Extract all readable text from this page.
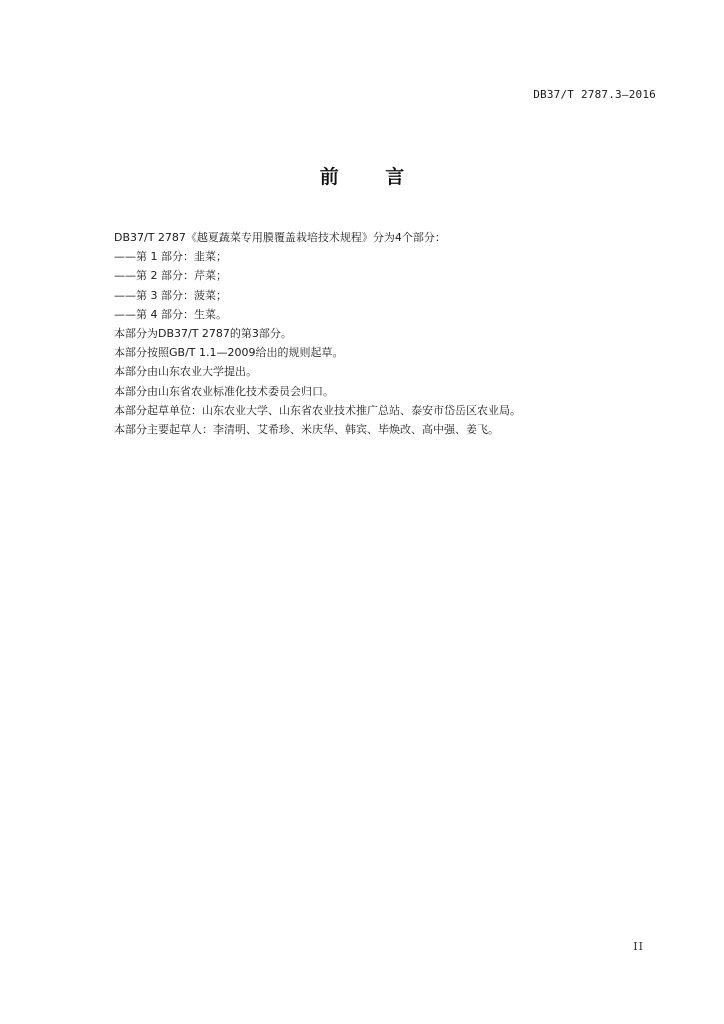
DB37/T 2787.3—2016
前 言
DB37/T 2787《越夏蔬菜专用膜覆盖栽培技术规程》分为4个部分：
——第 1 部分：韭菜；
——第 2 部分：芹菜；
——第 3 部分：菠菜；
——第 4 部分：生菜。
本部分为DB37/T 2787的第3部分。
本部分按照GB/T 1.1—2009给出的规则起草。
本部分由山东农业大学提出。
本部分由山东省农业标准化技术委员会归口。
本部分起草单位：山东农业大学、山东省农业技术推广总站、泰安市岱岳区农业局。
本部分主要起草人：李清明、艾希珍、米庆华、韩宾、毕焕改、高中强、姜飞。
II
